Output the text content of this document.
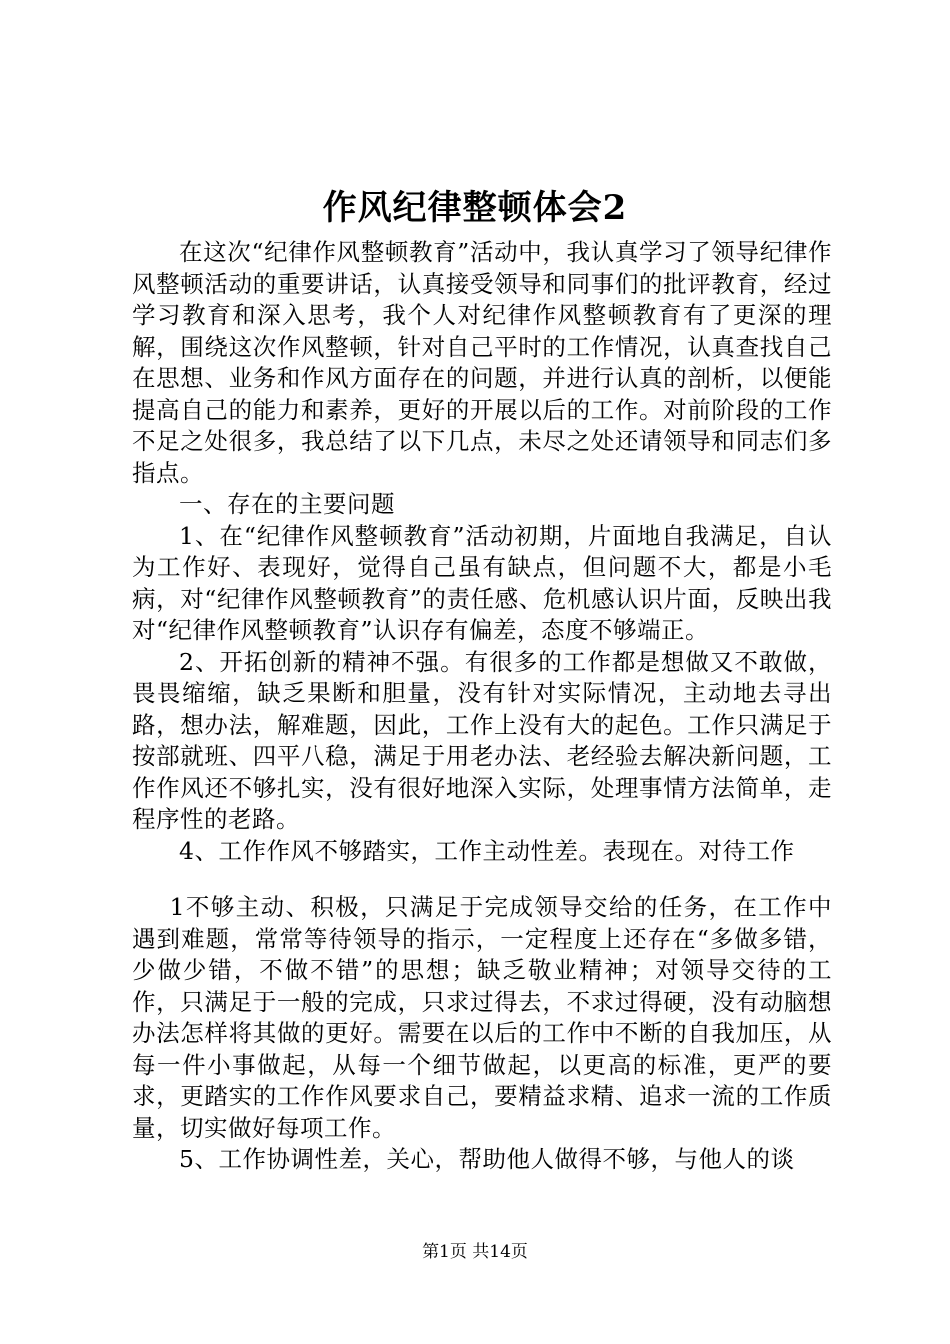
作风纪律整顿体会2

在这次“纪律作风整顿教育”活动中，我认真学习了领导纪律作风整顿活动的重要讲话，认真接受领导和同事们的批评教育，经过学习教育和深入思考，我个人对纪律作风整顿教育有了更深的理解，围绕这次作风整顿，针对自己平时的工作情况，认真查找自己在思想、业务和作风方面存在的问题，并进行认真的剖析，以便能提高自己的能力和素养，更好的开展以后的工作。对前阶段的工作不足之处很多，我总结了以下几点，未尽之处还请领导和同志们多指点。

一、存在的主要问题

1、在“纪律作风整顿教育”活动初期，片面地自我满足，自认为工作好、表现好，觉得自己虽有缺点，但问题不大，都是小毛病，对“纪律作风整顿教育”的责任感、危机感认识片面，反映出我对“纪律作风整顿教育”认识存有偏差，态度不够端正。

2、开拓创新的精神不强。有很多的工作都是想做又不敢做，畏畏缩缩，缺乏果断和胆量，没有针对实际情况，主动地去寻出路，想办法，解难题，因此，工作上没有大的起色。工作只满足于按部就班、四平八稳，满足于用老办法、老经验去解决新问题，工作作风还不够扎实，没有很好地深入实际，处理事情方法简单，走程序性的老路。

4、工作作风不够踏实，工作主动性差。表现在。对待工作

1不够主动、积极，只满足于完成领导交给的任务，在工作中遇到难题，常常等待领导的指示，一定程度上还存在“多做多错，少做少错，不做不错”的思想；缺乏敬业精神；对领导交待的工作，只满足于一般的完成，只求过得去，不求过得硬，没有动脑想办法怎样将其做的更好。需要在以后的工作中不断的自我加压，从每一件小事做起，从每一个细节做起，以更高的标准，更严的要求，更踏实的工作作风要求自己，要精益求精、追求一流的工作质量，切实做好每项工作。

5、工作协调性差，关心，帮助他人做得不够，与他人的谈

第1页 共14页
